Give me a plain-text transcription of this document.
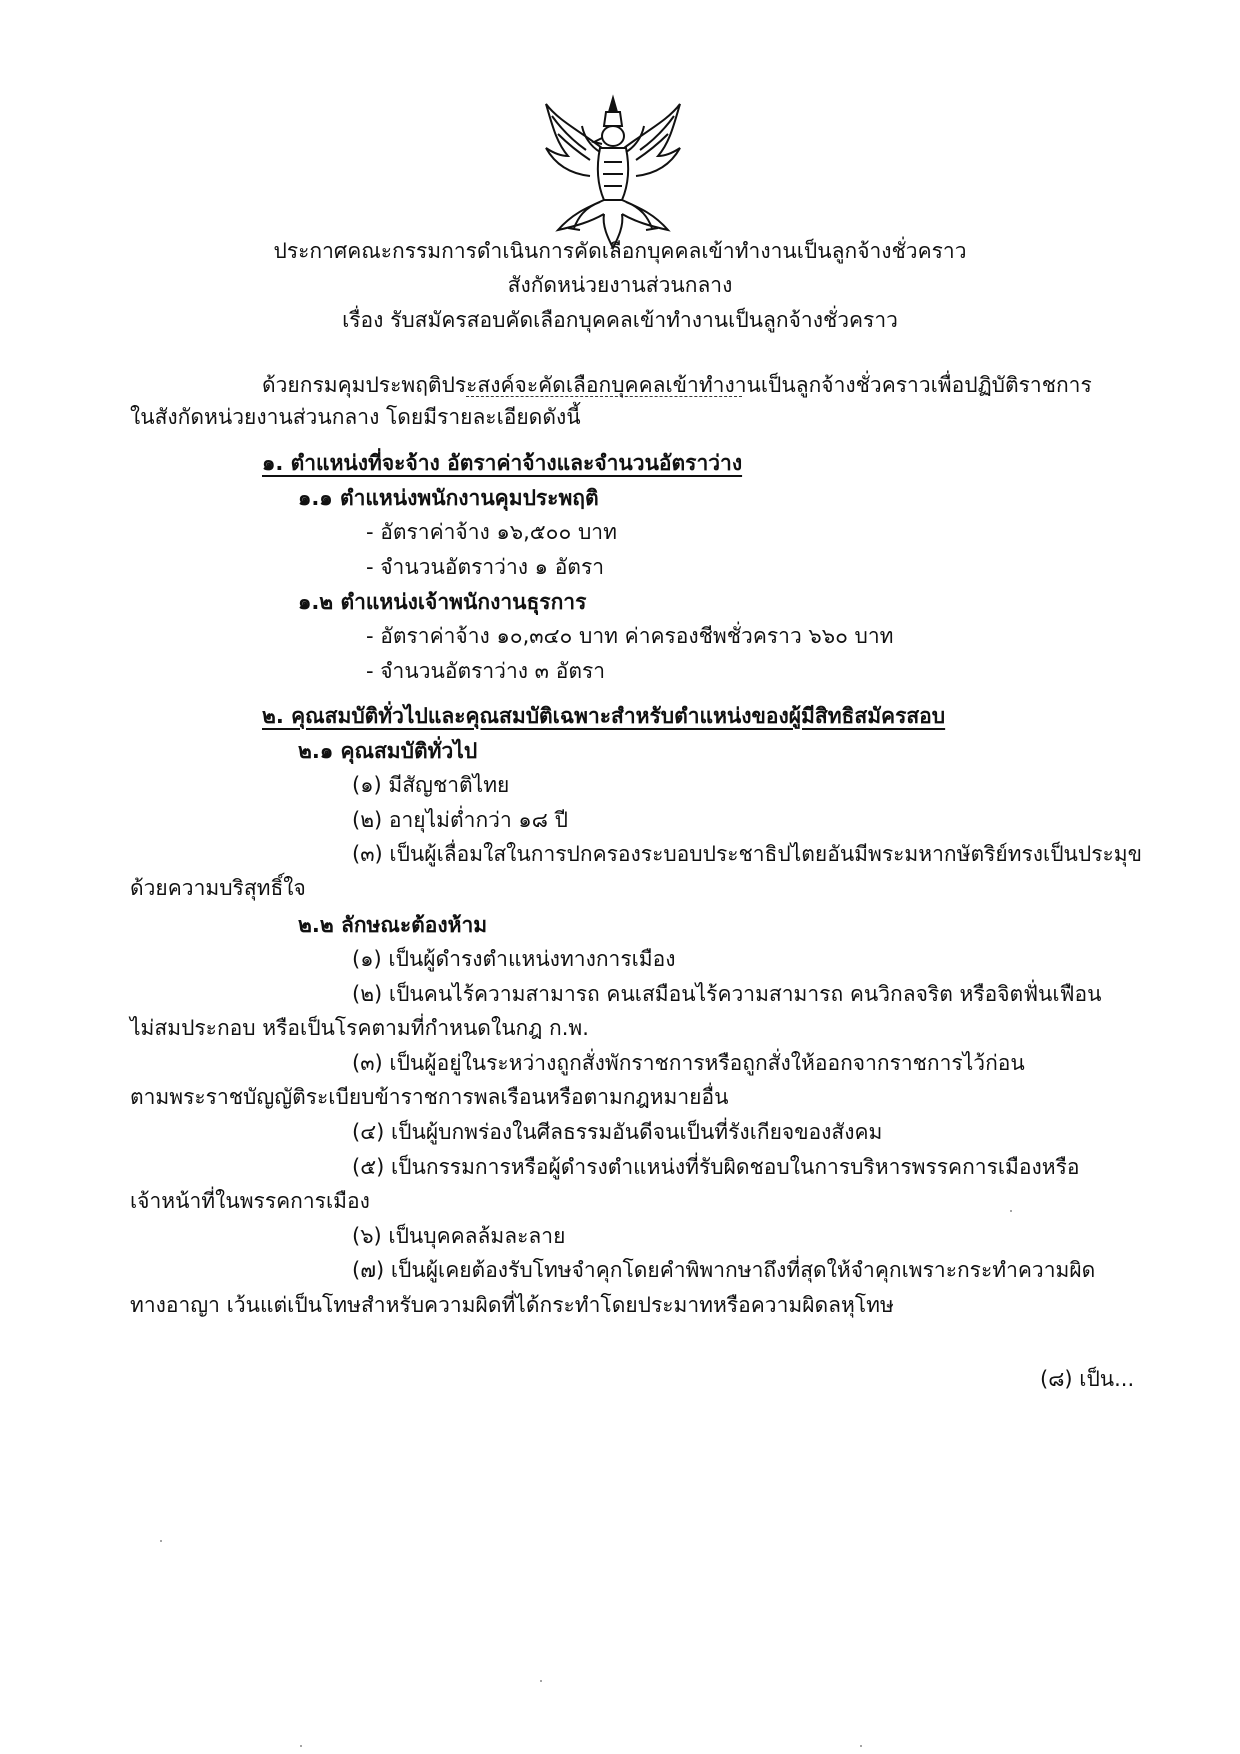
ประกาศคณะกรรมการดำเนินการคัดเลือกบุคคลเข้าทำงานเป็นลูกจ้างชั่วคราว
สังกัดหน่วยงานส่วนกลาง
เรื่อง รับสมัครสอบคัดเลือกบุคคลเข้าทำงานเป็นลูกจ้างชั่วคราว
ด้วยกรมคุมประพฤติประสงค์จะคัดเลือกบุคคลเข้าทำงานเป็นลูกจ้างชั่วคราวเพื่อปฏิบัติราชการ
ในสังกัดหน่วยงานส่วนกลาง โดยมีรายละเอียดดังนี้
๑. ตำแหน่งที่จะจ้าง อัตราค่าจ้างและจำนวนอัตราว่าง
๑.๑ ตำแหน่งพนักงานคุมประพฤติ
- อัตราค่าจ้าง ๑๖,๕๐๐ บาท
- จำนวนอัตราว่าง ๑ อัตรา
๑.๒ ตำแหน่งเจ้าพนักงานธุรการ
- อัตราค่าจ้าง ๑๐,๓๔๐ บาท ค่าครองชีพชั่วคราว ๖๖๐ บาท
- จำนวนอัตราว่าง ๓ อัตรา
๒. คุณสมบัติทั่วไปและคุณสมบัติเฉพาะสำหรับตำแหน่งของผู้มีสิทธิสมัครสอบ
๒.๑ คุณสมบัติทั่วไป
(๑) มีสัญชาติไทย
(๒) อายุไม่ต่ำกว่า ๑๘ ปี
(๓) เป็นผู้เลื่อมใสในการปกครองระบอบประชาธิปไตยอันมีพระมหากษัตริย์ทรงเป็นประมุข
ด้วยความบริสุทธิ์ใจ
๒.๒ ลักษณะต้องห้าม
(๑) เป็นผู้ดำรงตำแหน่งทางการเมือง
(๒) เป็นคนไร้ความสามารถ คนเสมือนไร้ความสามารถ คนวิกลจริต หรือจิตฟั่นเฟือน
ไม่สมประกอบ หรือเป็นโรคตามที่กำหนดในกฎ ก.พ.
(๓) เป็นผู้อยู่ในระหว่างถูกสั่งพักราชการหรือถูกสั่งให้ออกจากราชการไว้ก่อน
ตามพระราชบัญญัติระเบียบข้าราชการพลเรือนหรือตามกฎหมายอื่น
(๔) เป็นผู้บกพร่องในศีลธรรมอันดีจนเป็นที่รังเกียจของสังคม
(๕) เป็นกรรมการหรือผู้ดำรงตำแหน่งที่รับผิดชอบในการบริหารพรรคการเมืองหรือ
เจ้าหน้าที่ในพรรคการเมือง
(๖) เป็นบุคคลล้มละลาย
(๗) เป็นผู้เคยต้องรับโทษจำคุกโดยคำพิพากษาถึงที่สุดให้จำคุกเพราะกระทำความผิด
ทางอาญา เว้นแต่เป็นโทษสำหรับความผิดที่ได้กระทำโดยประมาทหรือความผิดลหุโทษ
(๘) เป็น...
